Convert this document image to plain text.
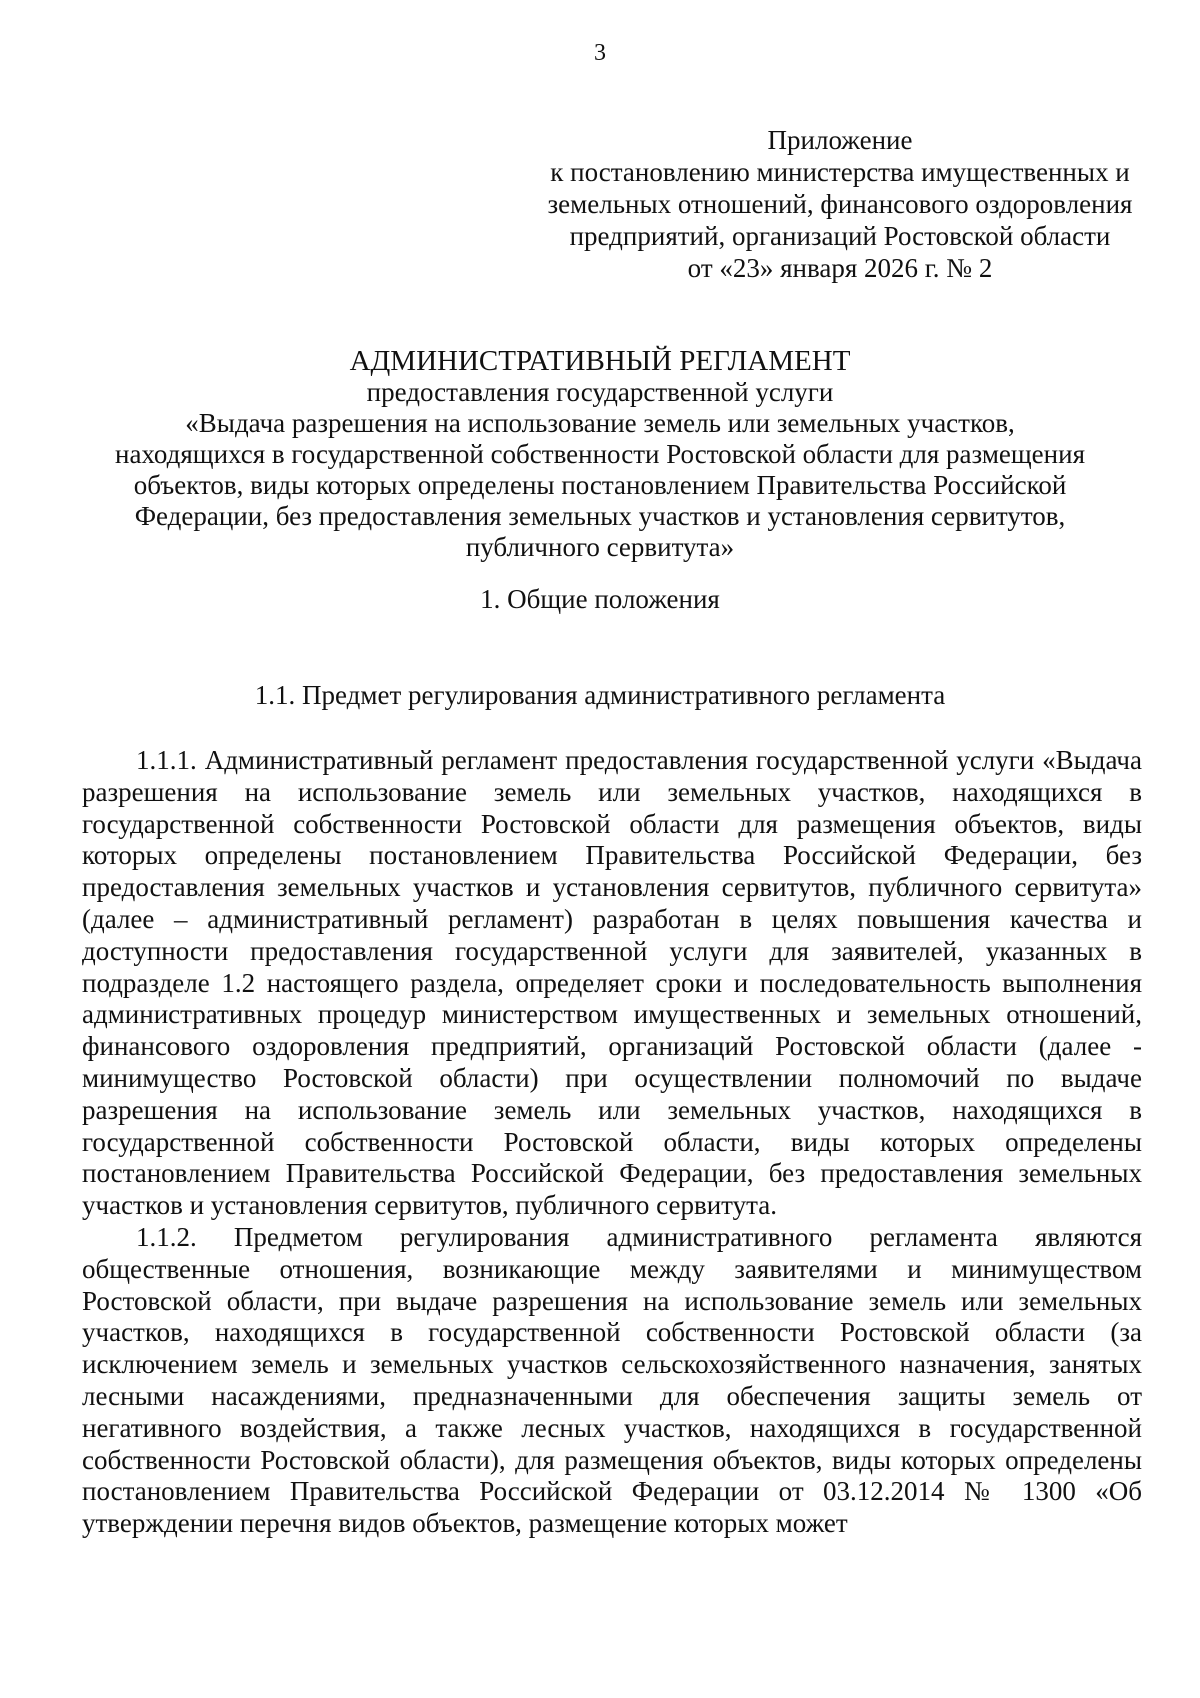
3
Приложение
к постановлению министерства имущественных и
земельных отношений, финансового оздоровления
предприятий, организаций Ростовской области
от «23» января 2026 г. № 2
АДМИНИСТРАТИВНЫЙ РЕГЛАМЕНТ
предоставления государственной услуги
«Выдача разрешения на использование земель или земельных участков,
находящихся в государственной собственности Ростовской области для размещения
объектов, виды которых определены постановлением Правительства Российской
Федерации, без предоставления земельных участков и установления сервитутов,
публичного сервитута»
1. Общие положения
1.1. Предмет регулирования административного регламента

1.1.1. Административный регламент предоставления государственной услуги «Выдача разрешения на использование земель или земельных участков, находящихся в государственной собственности Ростовской области для размещения объектов, виды которых определены постановлением Правительства Российской Федерации, без предоставления земельных участков и установления сервитутов, публичного сервитута» (далее – административный регламент) разработан в целях повышения качества и доступности предоставления государственной услуги для заявителей, указанных в подразделе 1.2 настоящего раздела, определяет сроки и последовательность выполнения административных процедур министерством имущественных и земельных отношений, финансового оздоровления предприятий, организаций Ростовской области (далее - минимущество Ростовской области) при осуществлении полномочий по выдаче разрешения на использование земель или земельных участков, находящихся в государственной собственности Ростовской области, виды которых определены постановлением Правительства Российской Федерации, без предоставления земельных участков и установления сервитутов, публичного сервитута.

1.1.2. Предметом регулирования административного регламента являются общественные отношения, возникающие между заявителями и минимуществом Ростовской области, при выдаче разрешения на использование земель или земельных участков, находящихся в государственной собственности Ростовской области (за исключением земель и земельных участков сельскохозяйственного назначения, занятых лесными насаждениями, предназначенными для обеспечения защиты земель от негативного воздействия, а также лесных участков, находящихся в государственной собственности Ростовской области), для размещения объектов, виды которых определены постановлением Правительства Российской Федерации от 03.12.2014 № 1300 «Об утверждении перечня видов объектов, размещение которых может
